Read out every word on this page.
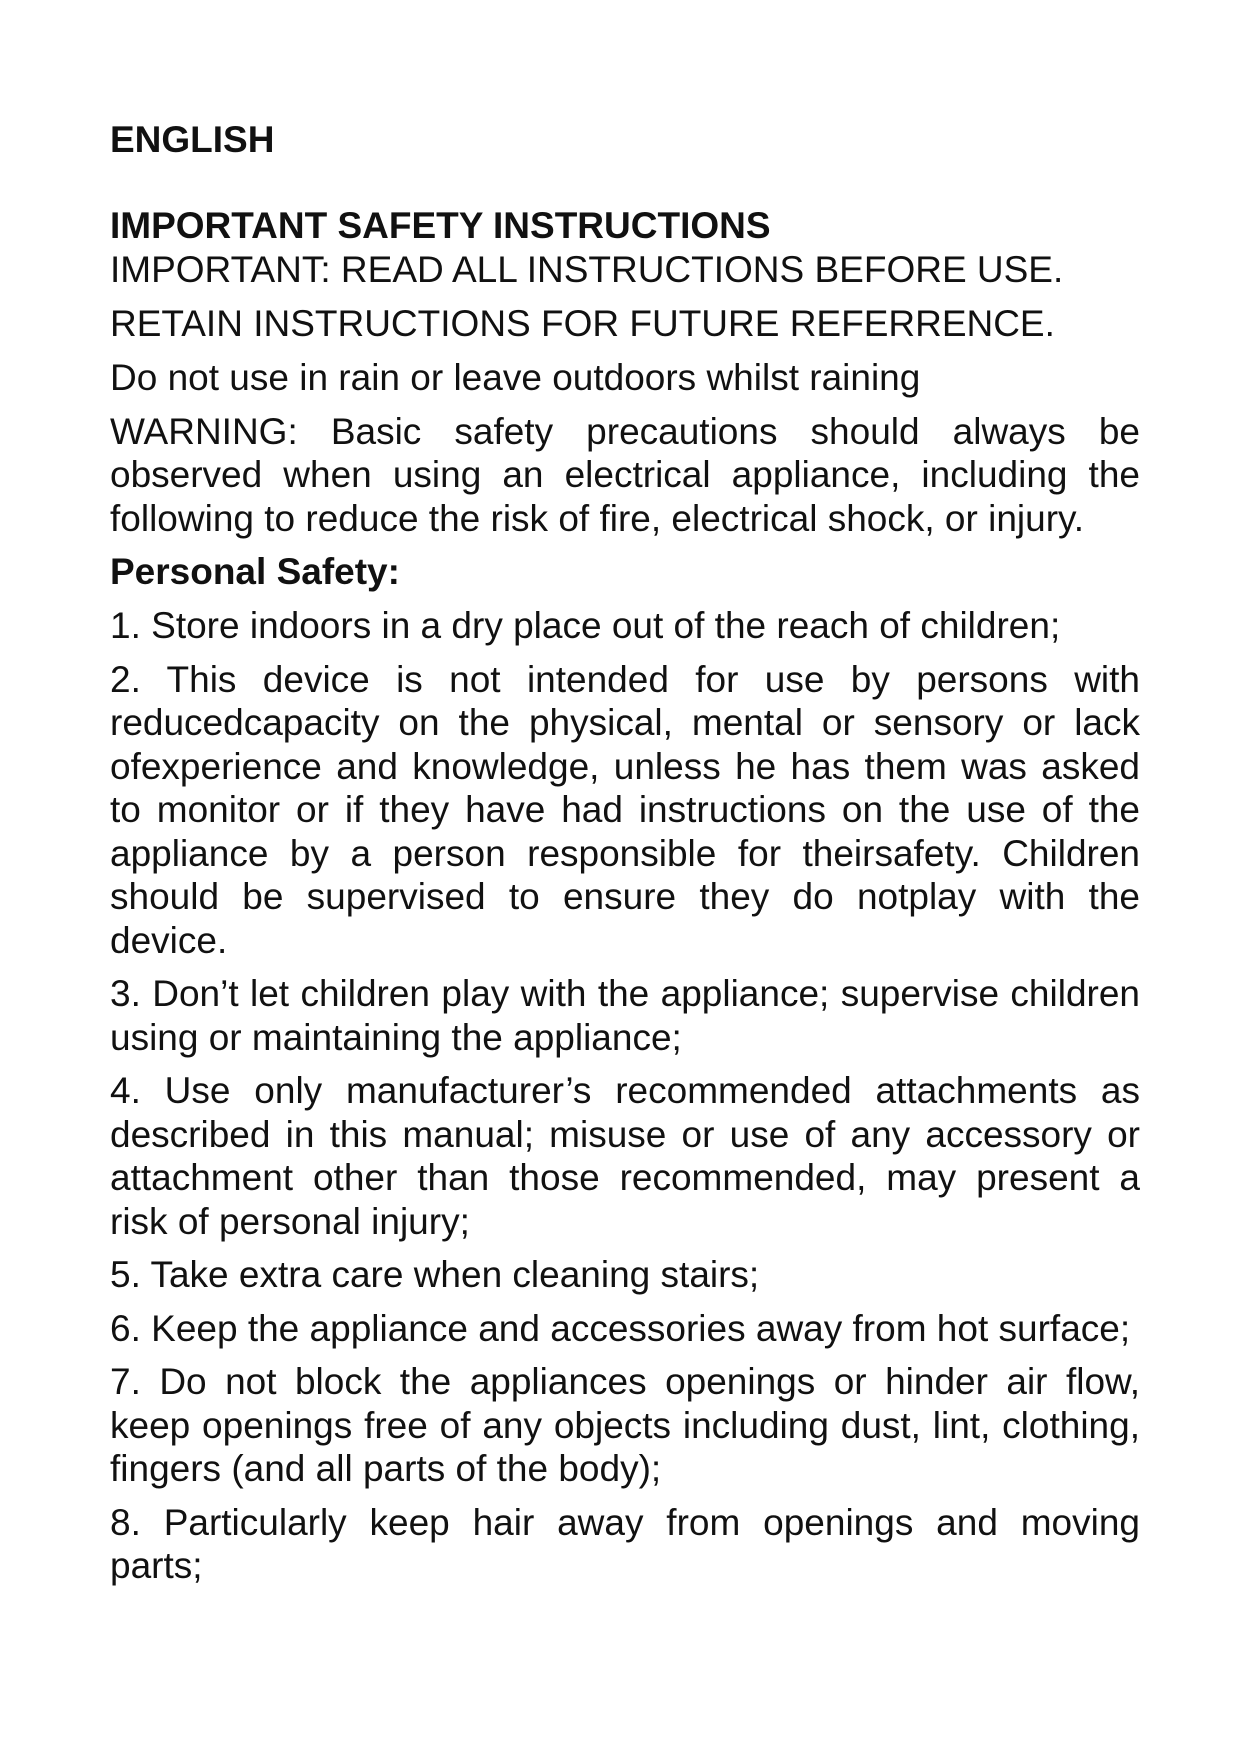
ENGLISH

IMPORTANT SAFETY INSTRUCTIONS

IMPORTANT: READ ALL INSTRUCTIONS BEFORE USE.

RETAIN INSTRUCTIONS FOR FUTURE REFERRENCE.

Do not use in rain or leave outdoors whilst raining

WARNING: Basic safety precautions should always be observed when using an electrical appliance, including the following to reduce the risk of fire, electrical shock, or injury.

Personal Safety:

1. Store indoors in a dry place out of the reach of children;

2. This device is not intended for use by persons with reducedcapacity on the physical, mental or sensory or lack ofexperience and knowledge, unless he has them was asked to monitor or if they have had instructions on the use of the appliance by a person responsible for theirsafety. Children should be supervised to ensure they do notplay with the device.

3. Don’t let children play with the appliance; supervise children using or maintaining the appliance;

4. Use only manufacturer’s recommended attachments as described in this manual; misuse or use of any accessory or attachment other than those recommended, may present a risk of personal injury;

5. Take extra care when cleaning stairs;

6. Keep the appliance and accessories away from hot surface;

7. Do not block the appliances openings or hinder air flow, keep openings free of any objects including dust, lint, clothing, fingers (and all parts of the body);

8. Particularly keep hair away from openings and moving parts;
